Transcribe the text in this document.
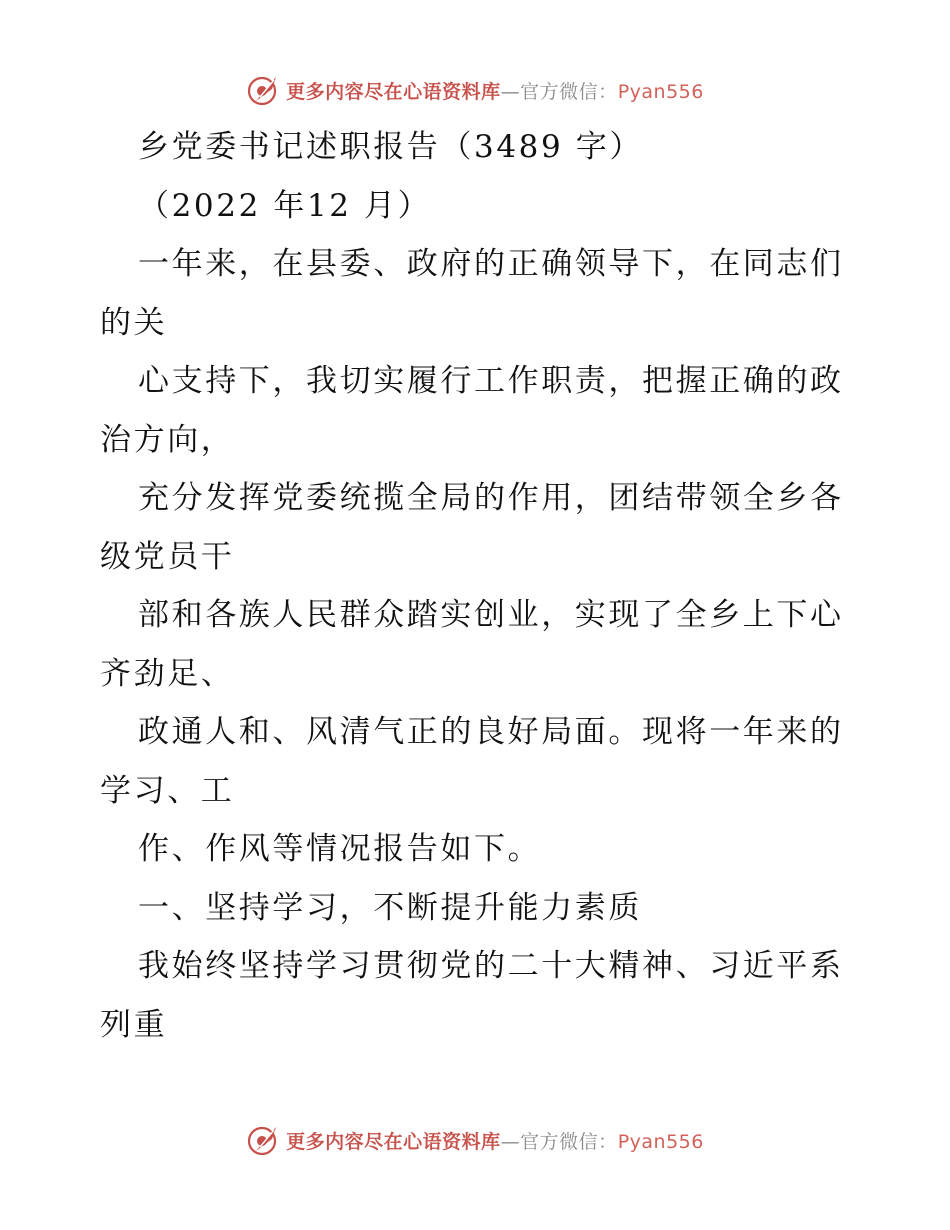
更多内容尽在心语资料库—官方微信：Pyan556
乡党委书记述职报告（3489 字）
（2022 年12 月）
一年来，在县委、政府的正确领导下，在同志们
的关
心支持下，我切实履行工作职责，把握正确的政
治方向，
充分发挥党委统揽全局的作用，团结带领全乡各
级党员干
部和各族人民群众踏实创业，实现了全乡上下心
齐劲足、
政通人和、风清气正的良好局面。现将一年来的
学习、工
作、作风等情况报告如下。
一、坚持学习，不断提升能力素质
我始终坚持学习贯彻党的二十大精神、习近平系
列重
更多内容尽在心语资料库—官方微信：Pyan556
